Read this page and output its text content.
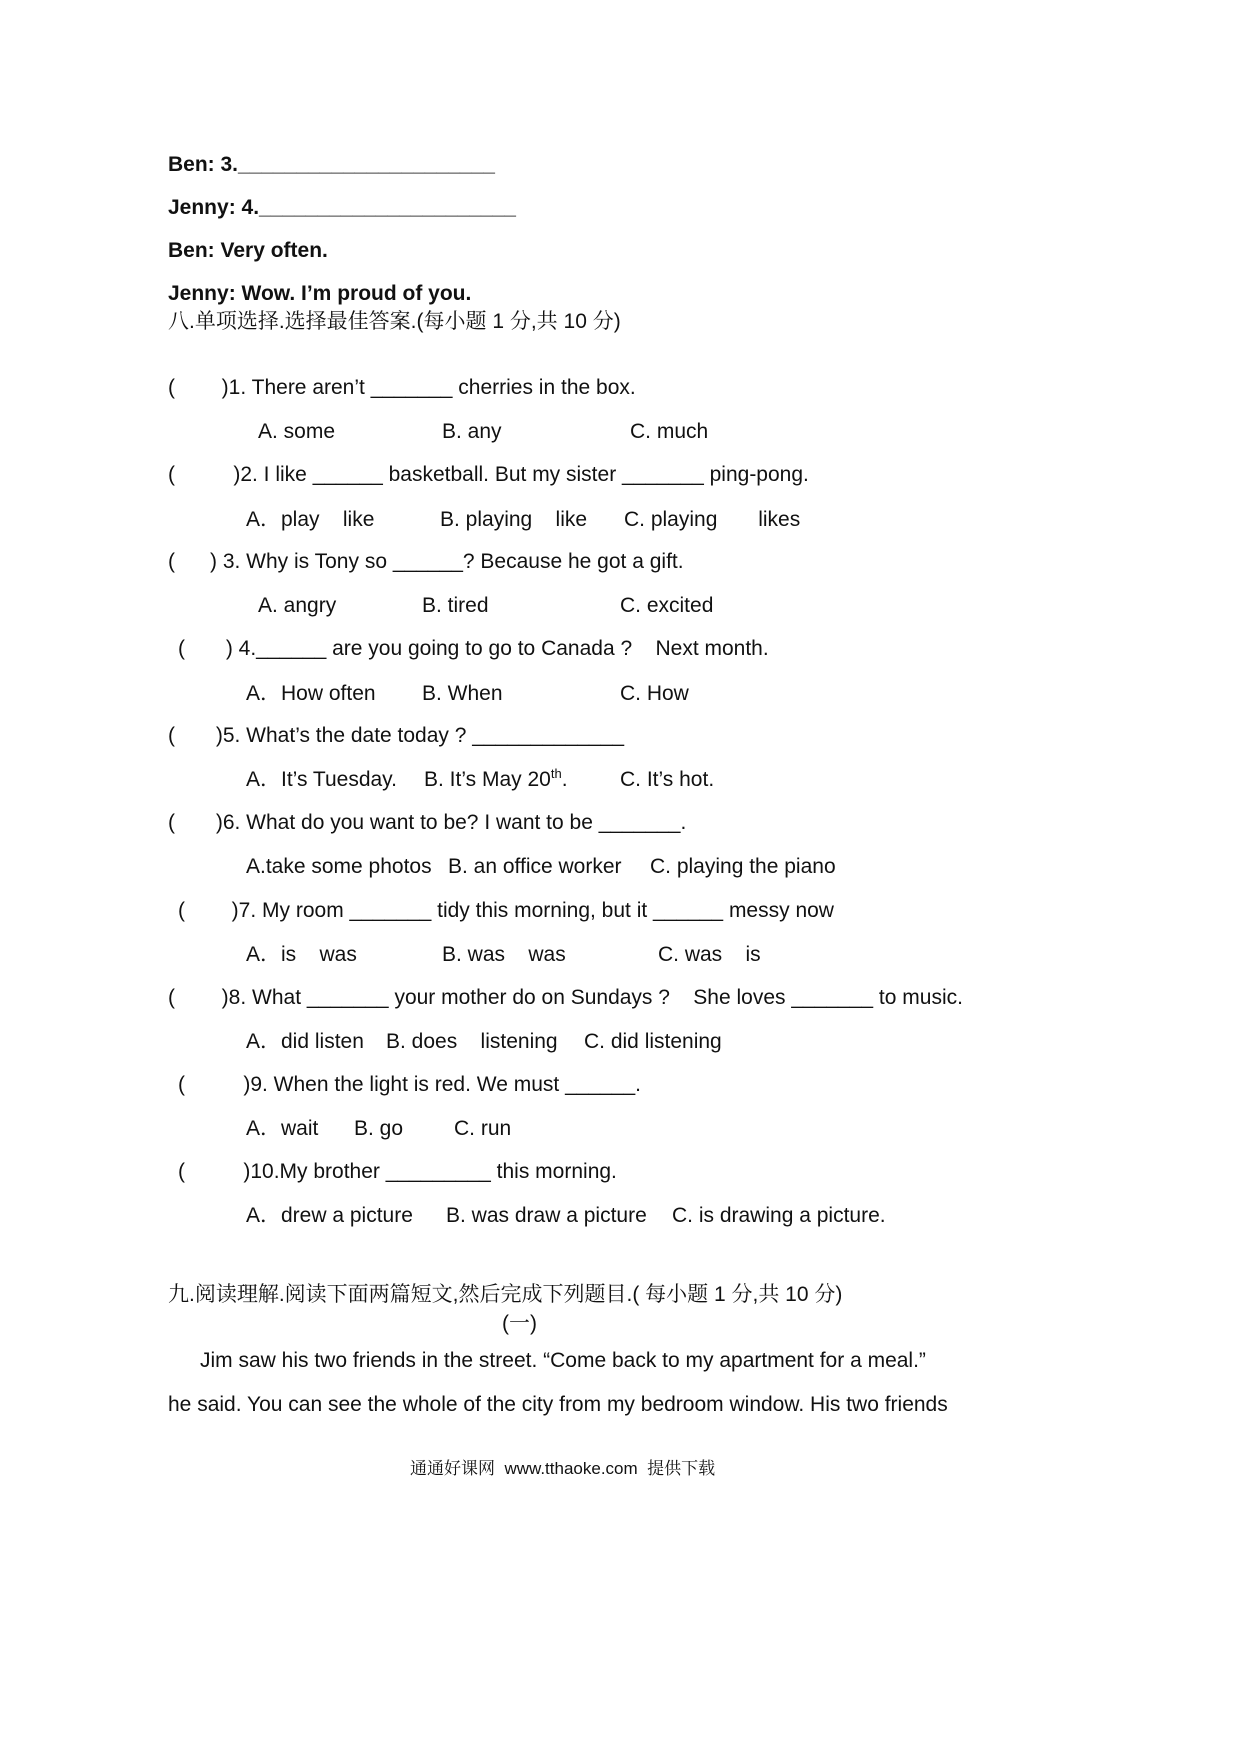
Ben: 3.______________________
Jenny: 4.______________________
Ben: Very often.
Jenny: Wow. I’m proud of you.
八.单项选择.选择最佳答案.(每小题 1 分,共 10 分)
(        )1. There aren’t _______ cherries in the box.
A. some	B. any	C. much
(          )2. I like ______ basketball. But my sister _______ ping-pong.
A．play    like	B. playing    like C. playing       likes
(      ) 3. Why is Tony so ______? Because he got a gift.
A. angry	B. tired	C. excited
(       ) 4.______ are you going to go to Canada ?    Next month.
A．How often B. When	C. How
(       )5. What’s the date today ? _____________
A．It’s Tuesday. B. It’s May 20th. C. It’s hot.
(       )6. What do you want to be? I want to be _______.
A.take some photos B. an office worker C. playing the piano
(        )7. My room _______ tidy this morning, but it ______ messy now
A．is    was	B. was    was	C. was    is
(        )8. What _______ your mother do on Sundays ?    She loves _______ to music.
A．did listen B. does    listening C. did listening
(          )9. When the light is red. We must ______.
A．wait B. go C. run
(          )10.My brother _________ this morning.
A．drew a picture B. was draw a picture C. is drawing a picture.
九.阅读理解.阅读下面两篇短文,然后完成下列题目.( 每小题 1 分,共 10 分)
(一)
Jim saw his two friends in the street. “Come back to my apartment for a meal.”
he said. You can see the whole of the city from my bedroom window. His two friends
通通好课网  www.tthaoke.com  提供下载
